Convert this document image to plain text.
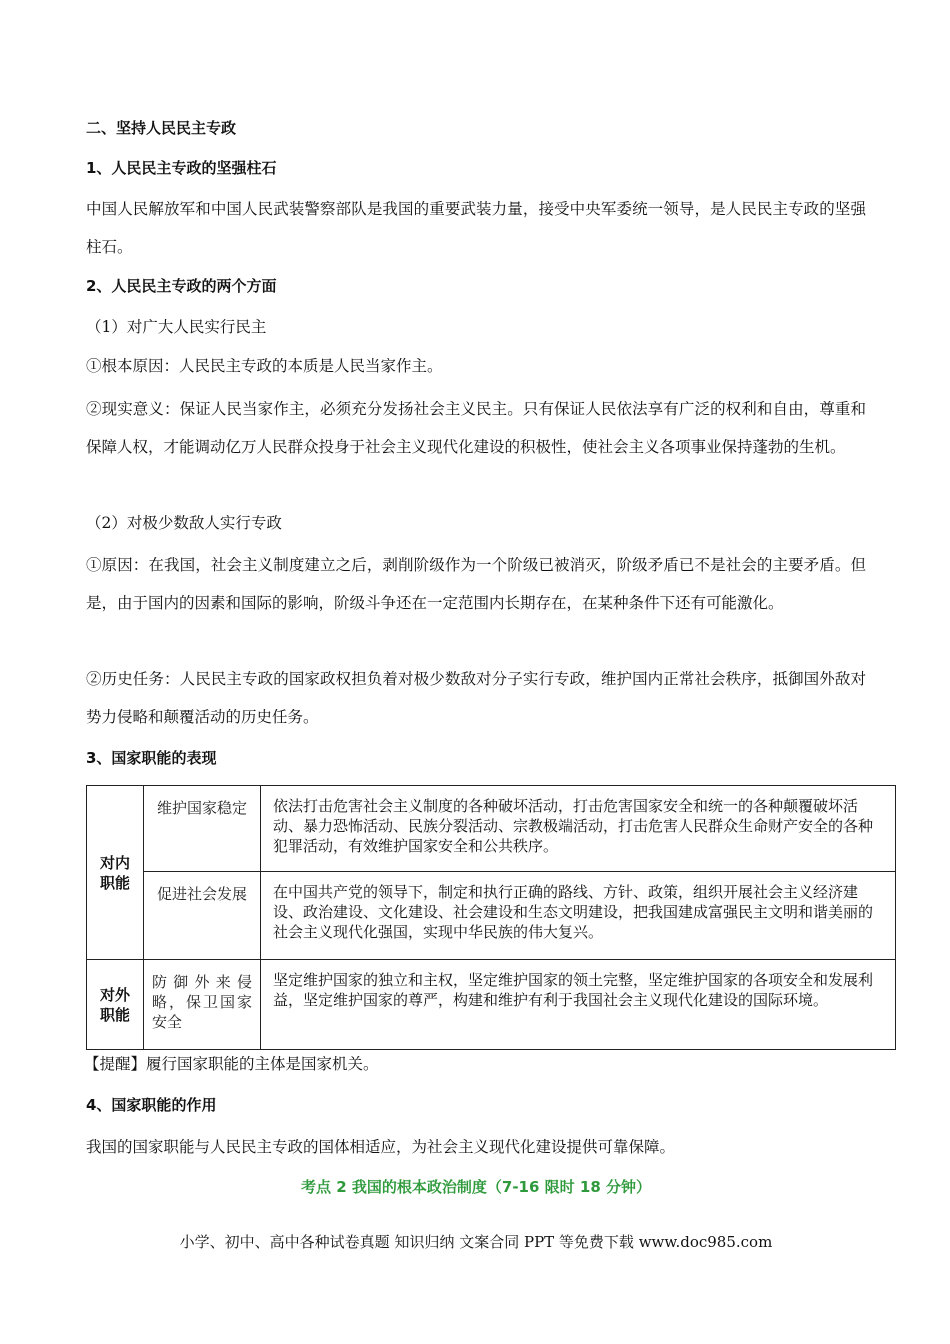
二、坚持人民民主专政
1、人民民主专政的坚强柱石
中国人民解放军和中国人民武装警察部队是我国的重要武装力量，接受中央军委统一领导，是人民民主专政的坚强柱石。
2、人民民主专政的两个方面
（1）对广大人民实行民主
①根本原因：人民民主专政的本质是人民当家作主。
②现实意义：保证人民当家作主，必须充分发扬社会主义民主。只有保证人民依法享有广泛的权利和自由，尊重和保障人权，才能调动亿万人民群众投身于社会主义现代化建设的积极性，使社会主义各项事业保持蓬勃的生机。
（2）对极少数敌人实行专政
①原因：在我国，社会主义制度建立之后，剥削阶级作为一个阶级已被消灭，阶级矛盾已不是社会的主要矛盾。但是，由于国内的因素和国际的影响，阶级斗争还在一定范围内长期存在，在某种条件下还有可能激化。
②历史任务：人民民主专政的国家政权担负着对极少数敌对分子实行专政，维护国内正常社会秩序，抵御国外敌对势力侵略和颠覆活动的历史任务。
3、国家职能的表现
对内职能	维护国家稳定	依法打击危害社会主义制度的各种破坏活动，打击危害国家安全和统一的各种颠覆破坏活动、暴力恐怖活动、民族分裂活动、宗教极端活动，打击危害人民群众生命财产安全的各种犯罪活动，有效维护国家安全和公共秩序。
	促进社会发展	在中国共产党的领导下，制定和执行正确的路线、方针、政策，组织开展社会主义经济建设、政治建设、文化建设、社会建设和生态文明建设，把我国建成富强民主文明和谐美丽的社会主义现代化强国，实现中华民族的伟大复兴。
对外职能	防御外来侵略，保卫国家安全	坚定维护国家的独立和主权，坚定维护国家的领土完整，坚定维护国家的各项安全和发展利益，坚定维护国家的尊严，构建和维护有利于我国社会主义现代化建设的国际环境。
【提醒】履行国家职能的主体是国家机关。
4、国家职能的作用
我国的国家职能与人民民主专政的国体相适应，为社会主义现代化建设提供可靠保障。
考点 2 我国的根本政治制度（7-16 限时 18 分钟）
小学、初中、高中各种试卷真题 知识归纳 文案合同 PPT 等免费下载 www.doc985.com
